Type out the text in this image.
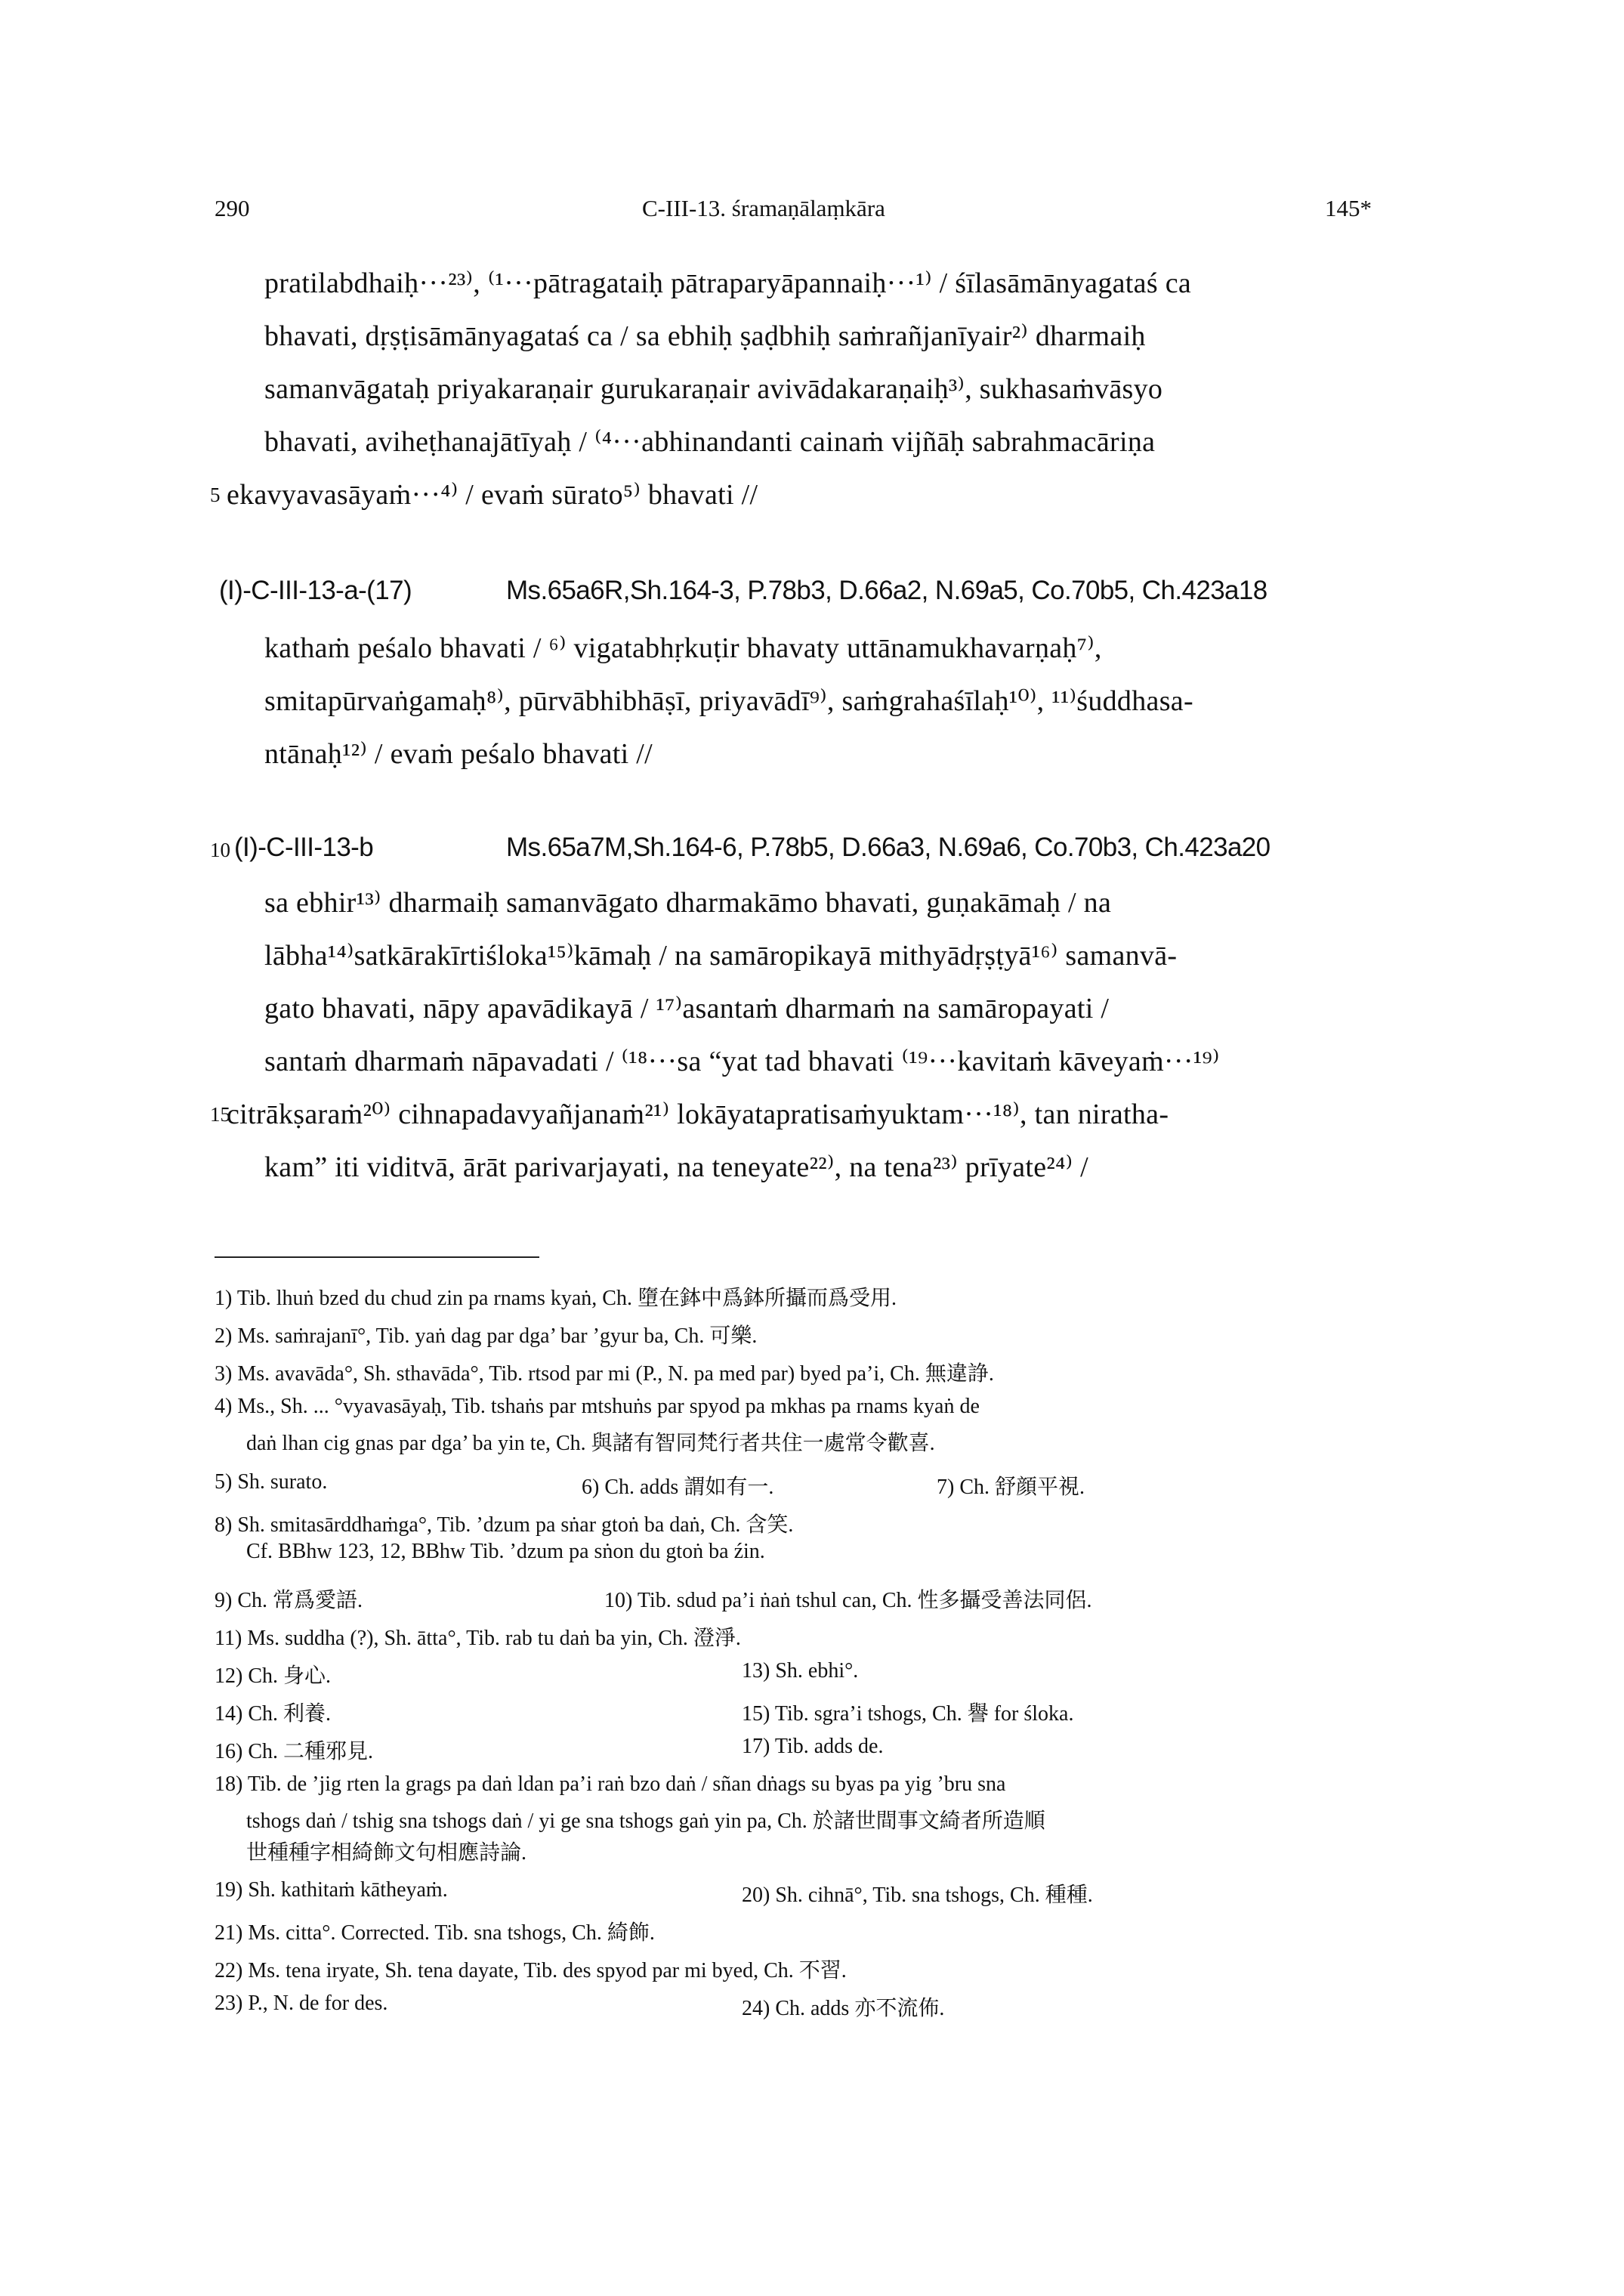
290	C-III-13. śramaṇālaṃkāra	145*
pratilabdhaiḥ···²³⁾, ⁽¹···pātragataiḥ pātraparyāpannaiḥ···¹⁾ / śīlasāmānyagataś ca
bhavati, dṛṣṭisāmānyagataś ca / sa ebhiḥ ṣaḍbhiḥ saṁrañjanīyair²⁾ dharmaiḥ
samanvāgataḥ priyakaraṇair gurukaraṇair avivādakaraṇaiḥ³⁾, sukhasaṁvāsyo
bhavati, aviheṭhanajātīyaḥ / ⁽⁴···abhinandanti cainaṁ vijñāḥ sabrahmacāriṇa
5 ekavyavasāyaṁ···⁴⁾ / evaṁ sūrato⁵⁾ bhavati //
(I)-C-III-13-a-(17)	Ms.65a6R,Sh.164-3, P.78b3, D.66a2, N.69a5, Co.70b5, Ch.423a18
kathaṁ peśalo bhavati / ⁶⁾ vigatabhṛkuṭir bhavaty uttānamukhavarṇaḥ⁷⁾,
smitapūrvaṅgamaḥ⁸⁾, pūrvābhibhāṣī, priyavādī⁹⁾, saṁgrahaśīlaḥ¹⁰⁾, ¹¹⁾śuddhasa-
ntānaḥ¹²⁾ / evaṁ peśalo bhavati //
10 (I)-C-III-13-b	Ms.65a7M,Sh.164-6, P.78b5, D.66a3, N.69a6, Co.70b3, Ch.423a20
sa ebhir¹³⁾ dharmaiḥ samanvāgato dharmakāmo bhavati, guṇakāmaḥ / na
lābha¹⁴⁾satkārakīrtiśloka¹⁵⁾kāmaḥ / na samāropikayā mithyādṛṣṭyā¹⁶⁾ samanvā-
gato bhavati, nāpy apavādikayā / ¹⁷⁾asantaṁ dharmaṁ na samāropayati /
santaṁ dharmaṁ nāpavadati / ⁽¹⁸···sa “yat tad bhavati ⁽¹⁹···kavitaṁ kāveyaṁ···¹⁹⁾
15
citrākṣaraṁ²⁰⁾ cihnapadavyañjanaṁ²¹⁾ lokāyatapratisaṁyuktam···¹⁸⁾, tan niratha-
kam” iti viditvā, ārāt parivarjayati, na teneyate²²⁾, na tena²³⁾ prīyate²⁴⁾ /
1) Tib. lhuṅ bzed du chud zin pa rnams kyaṅ, Ch. 墮在鉢中爲鉢所攝而爲受用.
2) Ms. saṁrajanī°, Tib. yaṅ dag par dga’ bar ’gyur ba, Ch. 可樂.
3) Ms. avavāda°, Sh. sthavāda°, Tib. rtsod par mi (P., N. pa med par) byed pa’i, Ch. 無違諍.
4) Ms., Sh. ... °vyavasāyaḥ, Tib. tshaṅs par mtshuṅs par spyod pa mkhas pa rnams kyaṅ de
daṅ lhan cig gnas par dga’ ba yin te, Ch. 與諸有智同梵行者共住一處常令歡喜.
5) Sh. surato.	6) Ch. adds 謂如有一.	7) Ch. 舒顔平視.
8) Sh. smitasārddhaṁga°, Tib. ’dzum pa sṅar gtoṅ ba daṅ, Ch. 含笑.
Cf. BBhw 123, 12, BBhw Tib. ’dzum pa sṅon du gtoṅ ba źin.
9) Ch. 常爲愛語.	10) Tib. sdud pa’i ṅaṅ tshul can, Ch. 性多攝受善法同侶.
11) Ms. suddha (?), Sh. ātta°, Tib. rab tu daṅ ba yin, Ch. 澄淨.
12) Ch. 身心.	13) Sh. ebhi°.
14) Ch. 利養.	15) Tib. sgra’i tshogs, Ch. 譽 for śloka.
16) Ch. 二種邪見.	17) Tib. adds de.
18) Tib. de ’jig rten la grags pa daṅ ldan pa’i raṅ bzo daṅ / sñan dṅags su byas pa yig ’bru sna
tshogs daṅ / tshig sna tshogs daṅ / yi ge sna tshogs gaṅ yin pa, Ch. 於諸世間事文綺者所造順
世種種字相綺飾文句相應詩論.
19) Sh. kathitaṁ kātheyaṁ.	20) Sh. cihnā°, Tib. sna tshogs, Ch. 種種.
21) Ms. citta°. Corrected. Tib. sna tshogs, Ch. 綺飾.
22) Ms. tena iryate, Sh. tena dayate, Tib. des spyod par mi byed, Ch. 不習.
23) P., N. de for des.	24) Ch. adds 亦不流佈.
